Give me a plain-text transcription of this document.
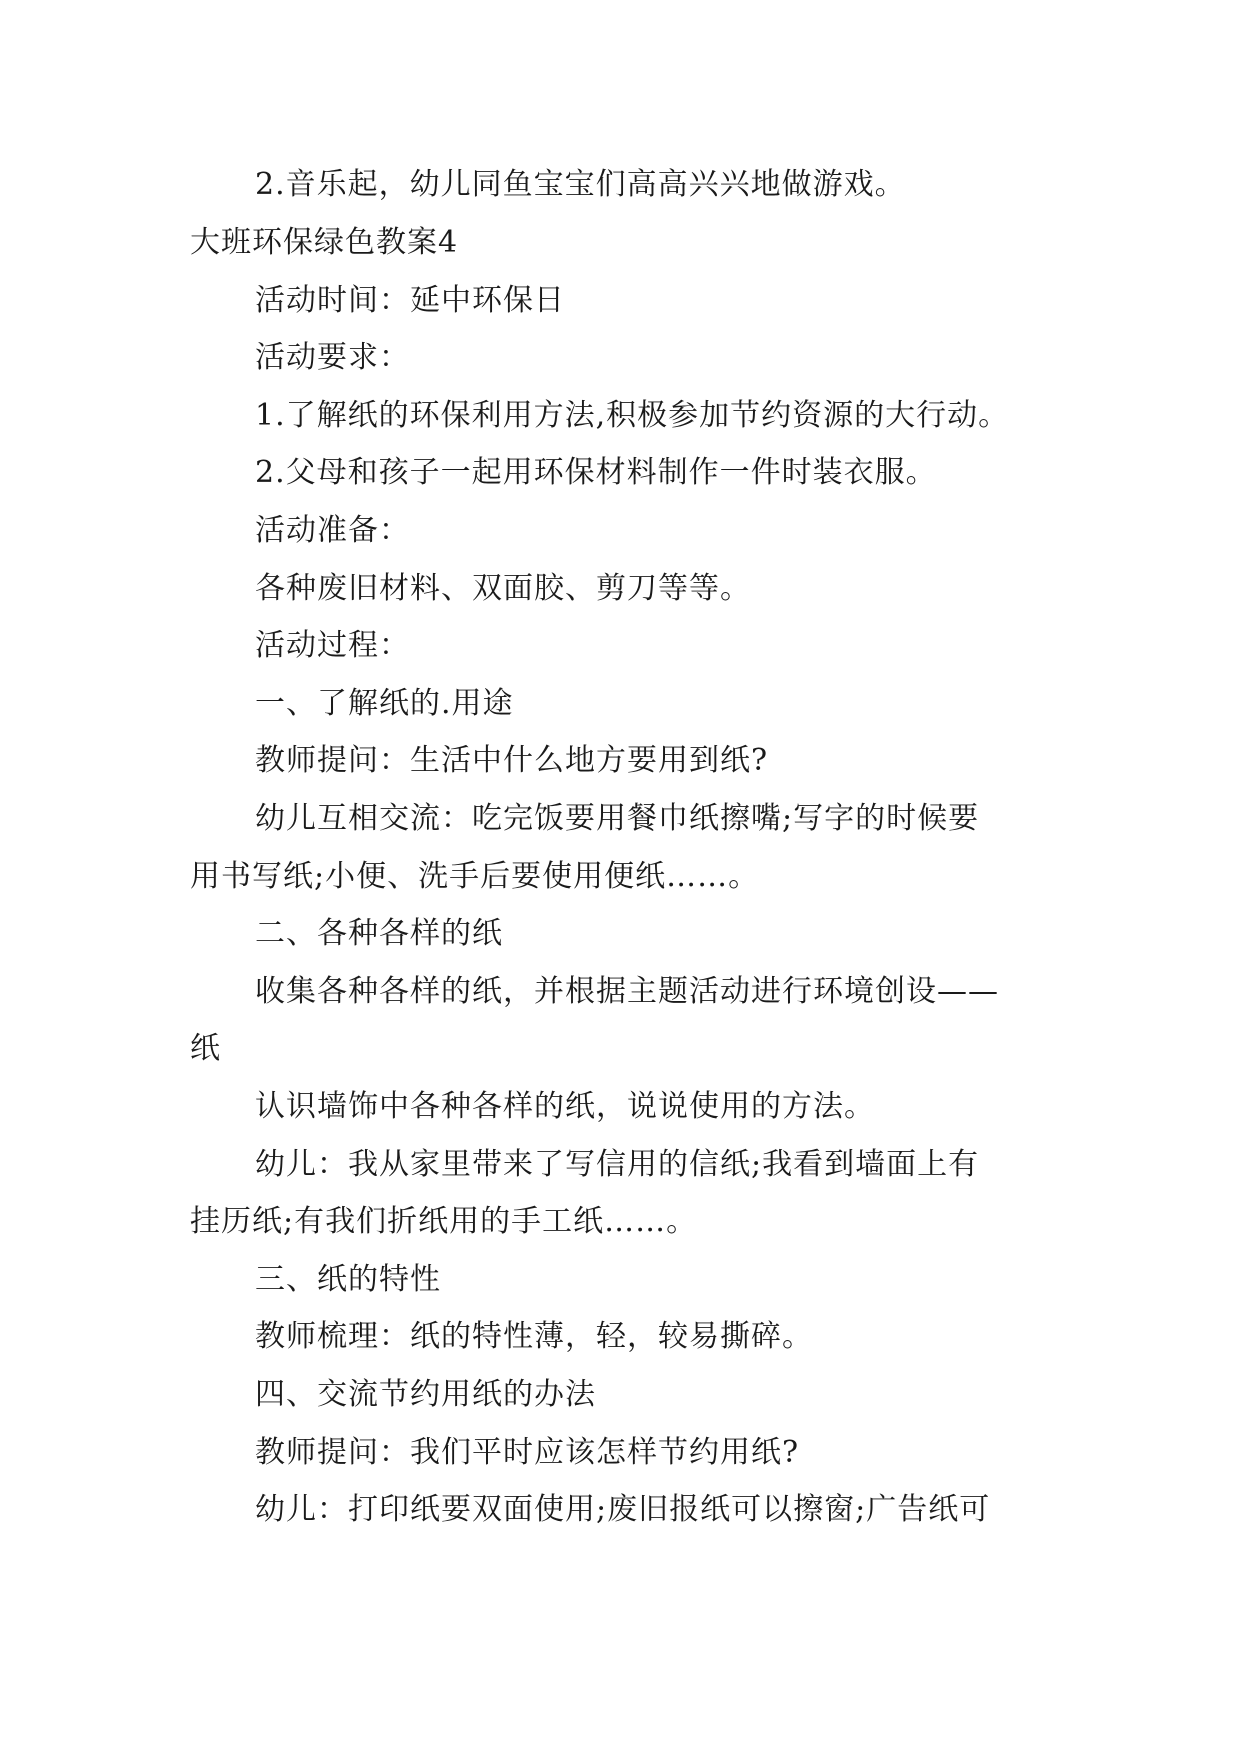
2.音乐起，幼儿同鱼宝宝们高高兴兴地做游戏。
大班环保绿色教案4
活动时间：延中环保日
活动要求：
1.了解纸的环保利用方法,积极参加节约资源的大行动。
2.父母和孩子一起用环保材料制作一件时装衣服。
活动准备：
各种废旧材料、双面胶、剪刀等等。
活动过程：
一、了解纸的.用途
教师提问：生活中什么地方要用到纸?
幼儿互相交流：吃完饭要用餐巾纸擦嘴;写字的时候要
用书写纸;小便、洗手后要使用便纸……。
二、各种各样的纸
收集各种各样的纸，并根据主题活动进行环境创设——
纸
认识墙饰中各种各样的纸，说说使用的方法。
幼儿：我从家里带来了写信用的信纸;我看到墙面上有
挂历纸;有我们折纸用的手工纸……。
三、纸的特性
教师梳理：纸的特性薄，轻，较易撕碎。
四、交流节约用纸的办法
教师提问：我们平时应该怎样节约用纸?
幼儿：打印纸要双面使用;废旧报纸可以擦窗;广告纸可
